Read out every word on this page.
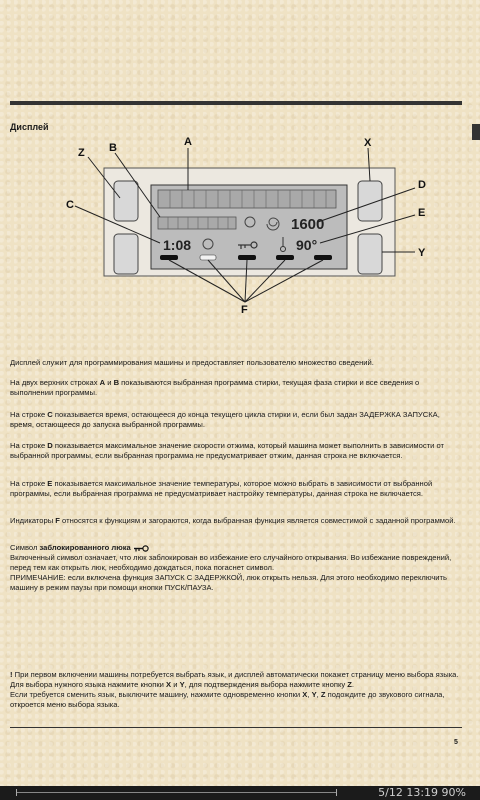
Дисплей
1600
1:08	90°
A
B
Z
X
C
D
E
Y
F
Дисплей служит для программирования машины и предоставляет пользователю множество сведений.
На двух верхних строках A и B показываются выбранная программа стирки, текущая фаза стирки и все сведения о выполнении программы.
На строке C показывается время, остающееся до конца текущего цикла стирки и, если был задан ЗАДЕРЖКА ЗАПУСКА, время, остающееся до запуска выбранной программы.
На строке D показывается максимальное значение скорости отжима, который машина может выполнить в зависимости от выбранной программы, если выбранная программа не предусматривает отжим, данная строка не включается.
На строке E показывается максимальное значение температуры, которое можно выбрать в зависимости от выбранной программы, если выбранная программа не предусматривает настройку температуры, данная строка не включается.
Индикаторы F относятся к функциям и загораются, когда выбранная функция является совместимой с заданной программой.
Символ заблокированного люка
Включенный символ означает, что люк заблокирован во избежание его случайного открывания. Во избежание повреждений, перед тем как открыть люк, необходимо дождаться, пока погаснет символ.
ПРИМЕЧАНИЕ: если включена функция ЗАПУСК С ЗАДЕРЖКОЙ, люк открыть нельзя. Для этого необходимо переключить машину в режим паузы при помощи кнопки ПУСК/ПАУЗА.
! При первом включении машины потребуется выбрать язык, и дисплей автоматически покажет страницу меню выбора языка.
Для выбора нужного языка нажмите кнопки X и Y, для подтверждения выбора нажмите кнопку Z.
Если требуется сменить язык, выключите машину, нажмите одновременно кнопки X, Y, Z подождите до звукового сигнала, откроется меню выбора языка.
5
5/12 13:19 90%
